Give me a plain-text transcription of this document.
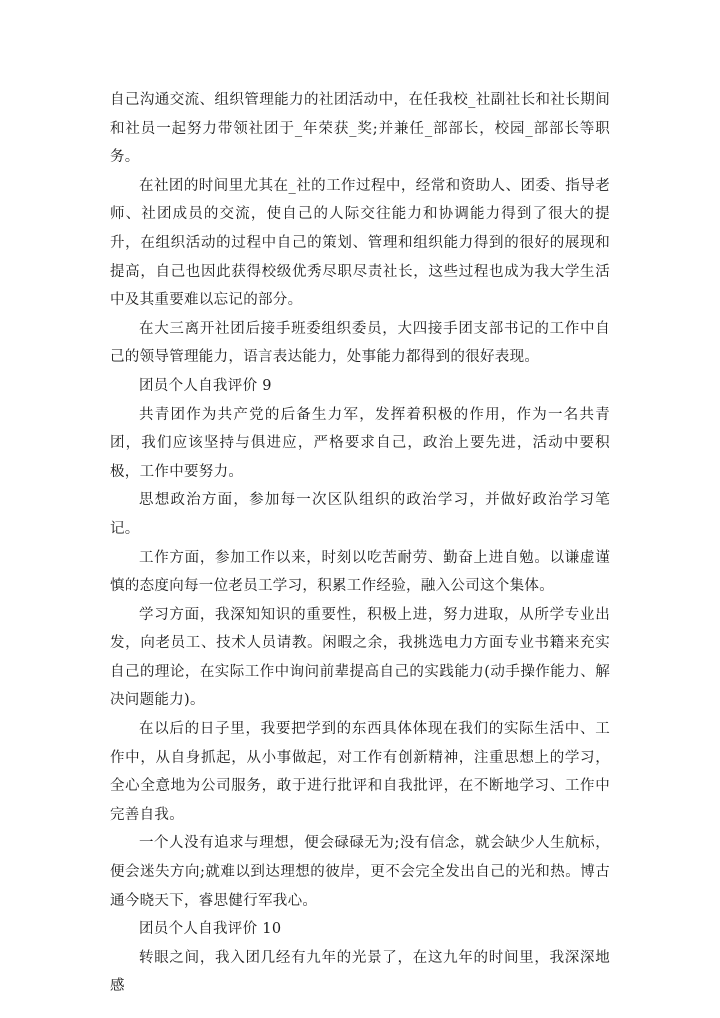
自己沟通交流、组织管理能力的社团活动中，在任我校_社副社长和社长期间和社员一起努力带领社团于_年荣获_奖;并兼任_部部长，校园_部部长等职务。

在社团的时间里尤其在_社的工作过程中，经常和资助人、团委、指导老师、社团成员的交流，使自己的人际交往能力和协调能力得到了很大的提升，在组织活动的过程中自己的策划、管理和组织能力得到的很好的展现和提高，自己也因此获得校级优秀尽职尽责社长，这些过程也成为我大学生活中及其重要难以忘记的部分。

在大三离开社团后接手班委组织委员，大四接手团支部书记的工作中自己的领导管理能力，语言表达能力，处事能力都得到的很好表现。

团员个人自我评价 9

共青团作为共产党的后备生力军，发挥着积极的作用，作为一名共青团，我们应该坚持与俱进应，严格要求自己，政治上要先进，活动中要积极，工作中要努力。

思想政治方面，参加每一次区队组织的政治学习，并做好政治学习笔记。

工作方面，参加工作以来，时刻以吃苦耐劳、勤奋上进自勉。以谦虚谨慎的态度向每一位老员工学习，积累工作经验，融入公司这个集体。

学习方面，我深知知识的重要性，积极上进，努力进取，从所学专业出发，向老员工、技术人员请教。闲暇之余，我挑选电力方面专业书籍来充实自己的理论，在实际工作中询问前辈提高自己的实践能力(动手操作能力、解决问题能力)。

在以后的日子里，我要把学到的东西具体体现在我们的实际生活中、工作中，从自身抓起，从小事做起，对工作有创新精神，注重思想上的学习，全心全意地为公司服务，敢于进行批评和自我批评，在不断地学习、工作中完善自我。

一个人没有追求与理想，便会碌碌无为;没有信念，就会缺少人生航标，便会迷失方向;就难以到达理想的彼岸，更不会完全发出自己的光和热。博古通今晓天下，睿思健行军我心。

团员个人自我评价 10

转眼之间，我入团几经有九年的光景了，在这九年的时间里，我深深地感
